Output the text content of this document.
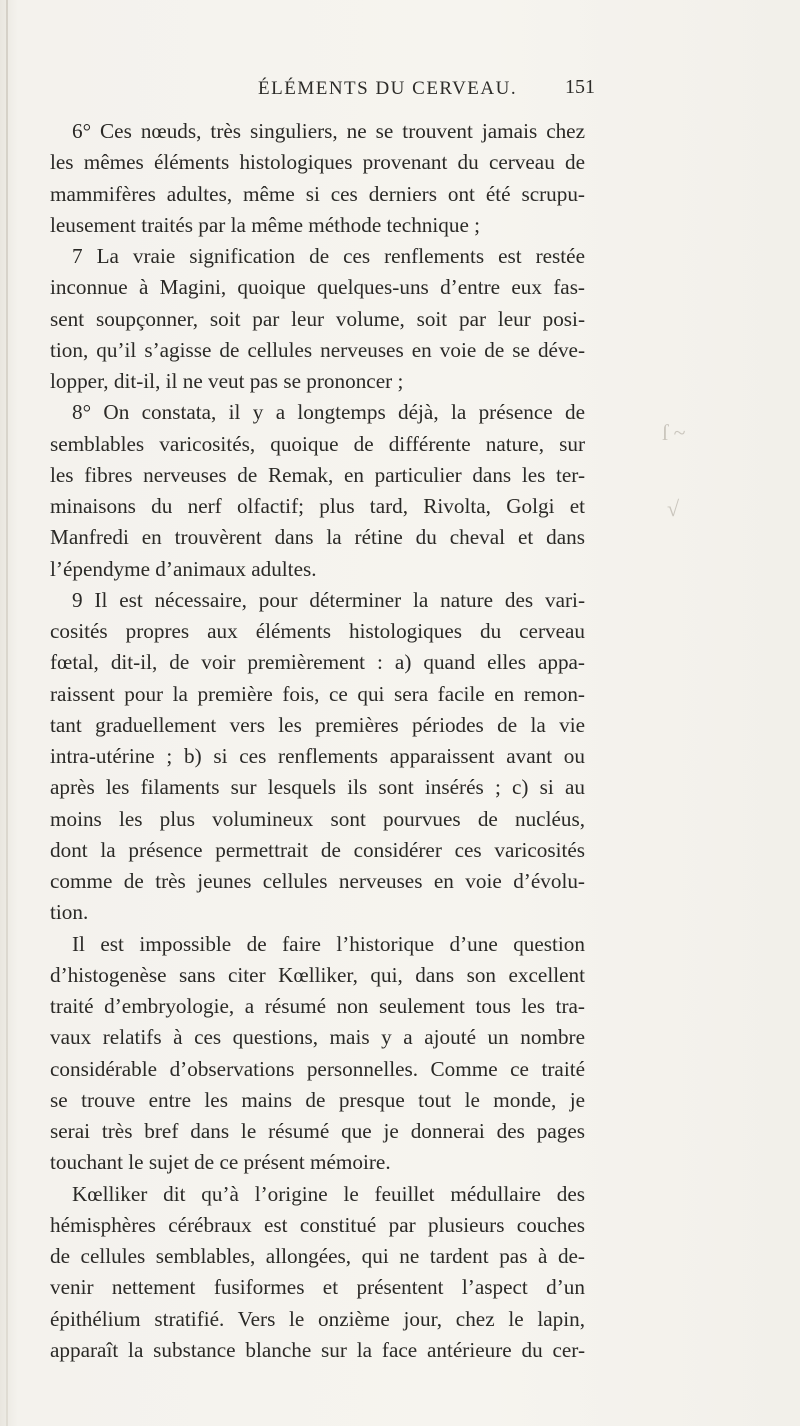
ÉLÉMENTS DU CERVEAU. 151
6° Ces nœuds, très singuliers, ne se trouvent jamais chez
les mêmes éléments histologiques provenant du cerveau de
mammifères adultes, même si ces derniers ont été scrupu-
leusement traités par la même méthode technique ;
7 La vraie signification de ces renflements est restée
inconnue à Magini, quoique quelques-uns d’entre eux fas-
sent soupçonner, soit par leur volume, soit par leur posi-
tion, qu’il s’agisse de cellules nerveuses en voie de se déve-
lopper, dit-il, il ne veut pas se prononcer ;
8° On constata, il y a longtemps déjà, la présence de
semblables varicosités, quoique de différente nature, sur
les fibres nerveuses de Remak, en particulier dans les ter-
minaisons du nerf olfactif; plus tard, Rivolta, Golgi et
Manfredi en trouvèrent dans la rétine du cheval et dans
l’épendyme d’animaux adultes.
9 Il est nécessaire, pour déterminer la nature des vari-
cosités propres aux éléments histologiques du cerveau
fœtal, dit-il, de voir premièrement : a) quand elles appa-
raissent pour la première fois, ce qui sera facile en remon-
tant graduellement vers les premières périodes de la vie
intra-utérine ; b) si ces renflements apparaissent avant ou
après les filaments sur lesquels ils sont insérés ; c) si au
moins les plus volumineux sont pourvues de nucléus,
dont la présence permettrait de considérer ces varicosités
comme de très jeunes cellules nerveuses en voie d’évolu-
tion.
Il est impossible de faire l’historique d’une question
d’histogenèse sans citer Kœlliker, qui, dans son excellent
traité d’embryologie, a résumé non seulement tous les tra-
vaux relatifs à ces questions, mais y a ajouté un nombre
considérable d’observations personnelles. Comme ce traité
se trouve entre les mains de presque tout le monde, je
serai très bref dans le résumé que je donnerai des pages
touchant le sujet de ce présent mémoire.
Kœlliker dit qu’à l’origine le feuillet médullaire des
hémisphères cérébraux est constitué par plusieurs couches
de cellules semblables, allongées, qui ne tardent pas à de-
venir nettement fusiformes et présentent l’aspect d’un
épithélium stratifié. Vers le onzième jour, chez le lapin,
apparaît la substance blanche sur la face antérieure du cer-
ſ ~
√
